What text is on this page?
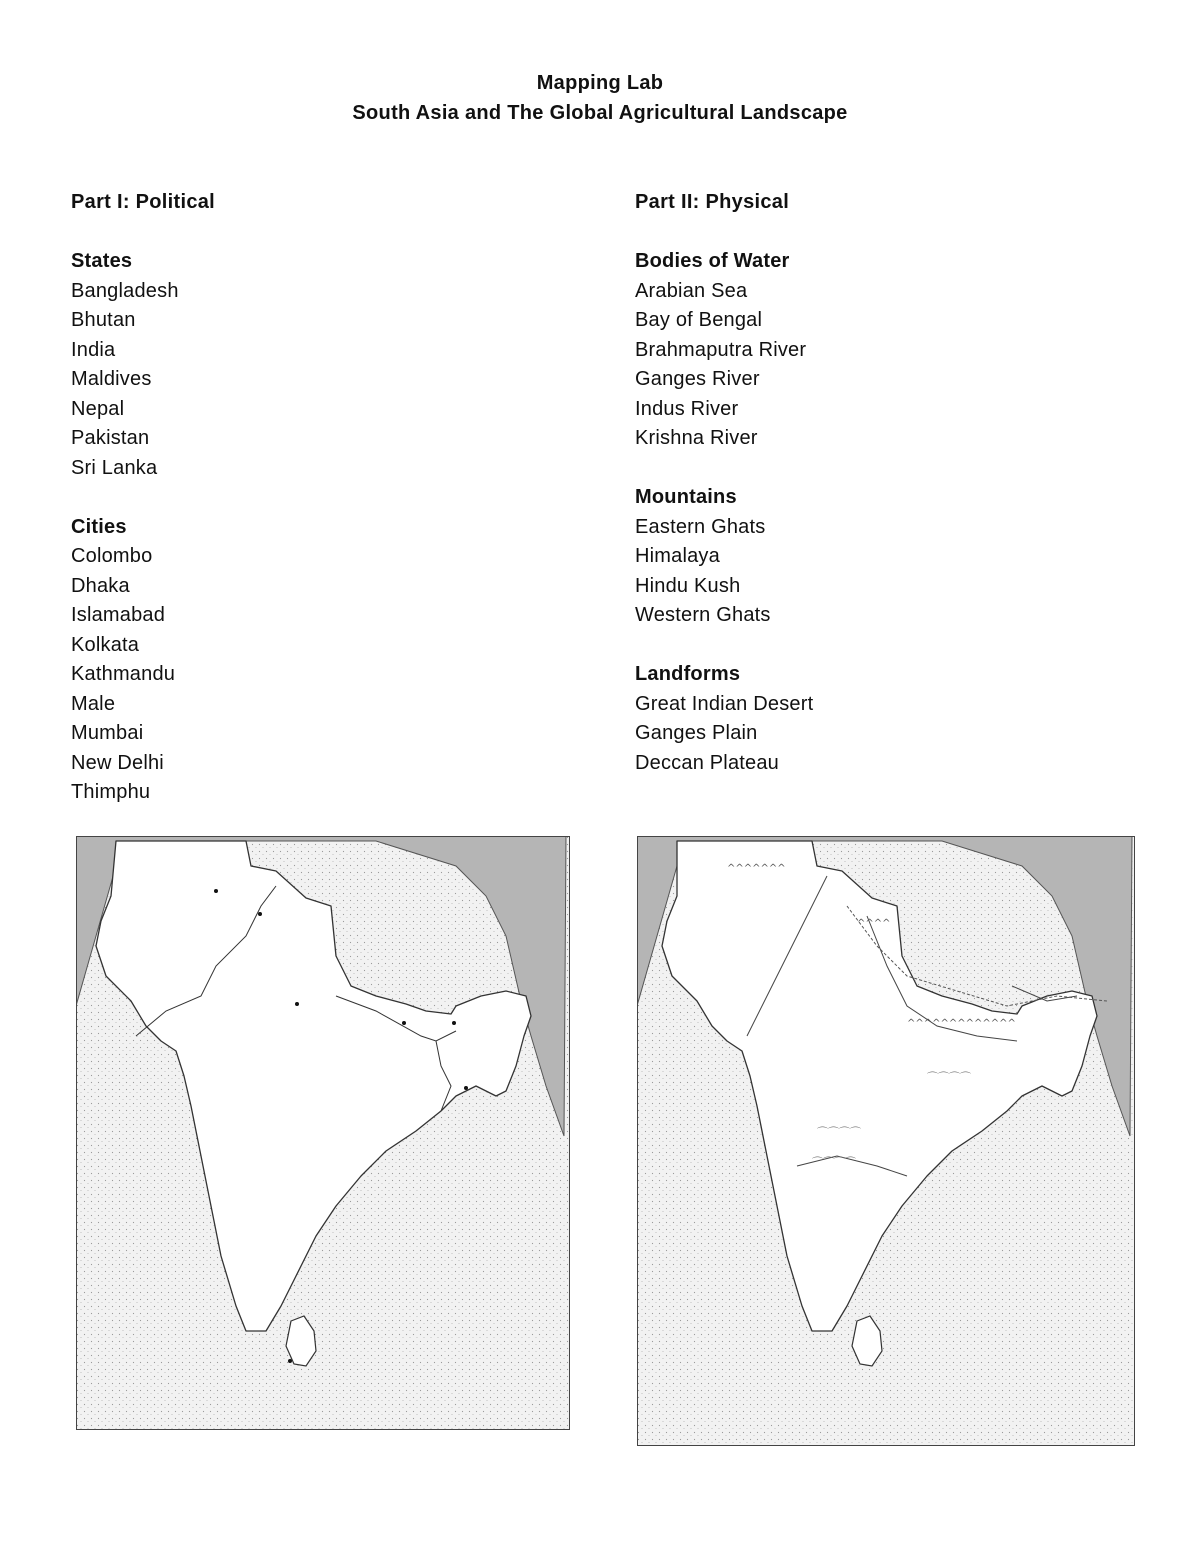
Mapping Lab
South Asia and The Global Agricultural Landscape
Part I: Political
States
Bangladesh
Bhutan
India
Maldives
Nepal
Pakistan
Sri Lanka
Cities
Colombo
Dhaka
Islamabad
Kolkata
Kathmandu
Male
Mumbai
New Delhi
Thimphu
Part II: Physical
Bodies of Water
Arabian Sea
Bay of Bengal
Brahmaputra River
Ganges River
Indus River
Krishna River
Mountains
Eastern Ghats
Himalaya
Hindu Kush
Western Ghats
Landforms
Great Indian Desert
Ganges Plain
Deccan Plateau
^^^^^^^
^^^^
^^^^^^^^^^^^^
⌒⌒⌒⌒
⌒⌒⌒⌒
⌒⌒⌒⌒
